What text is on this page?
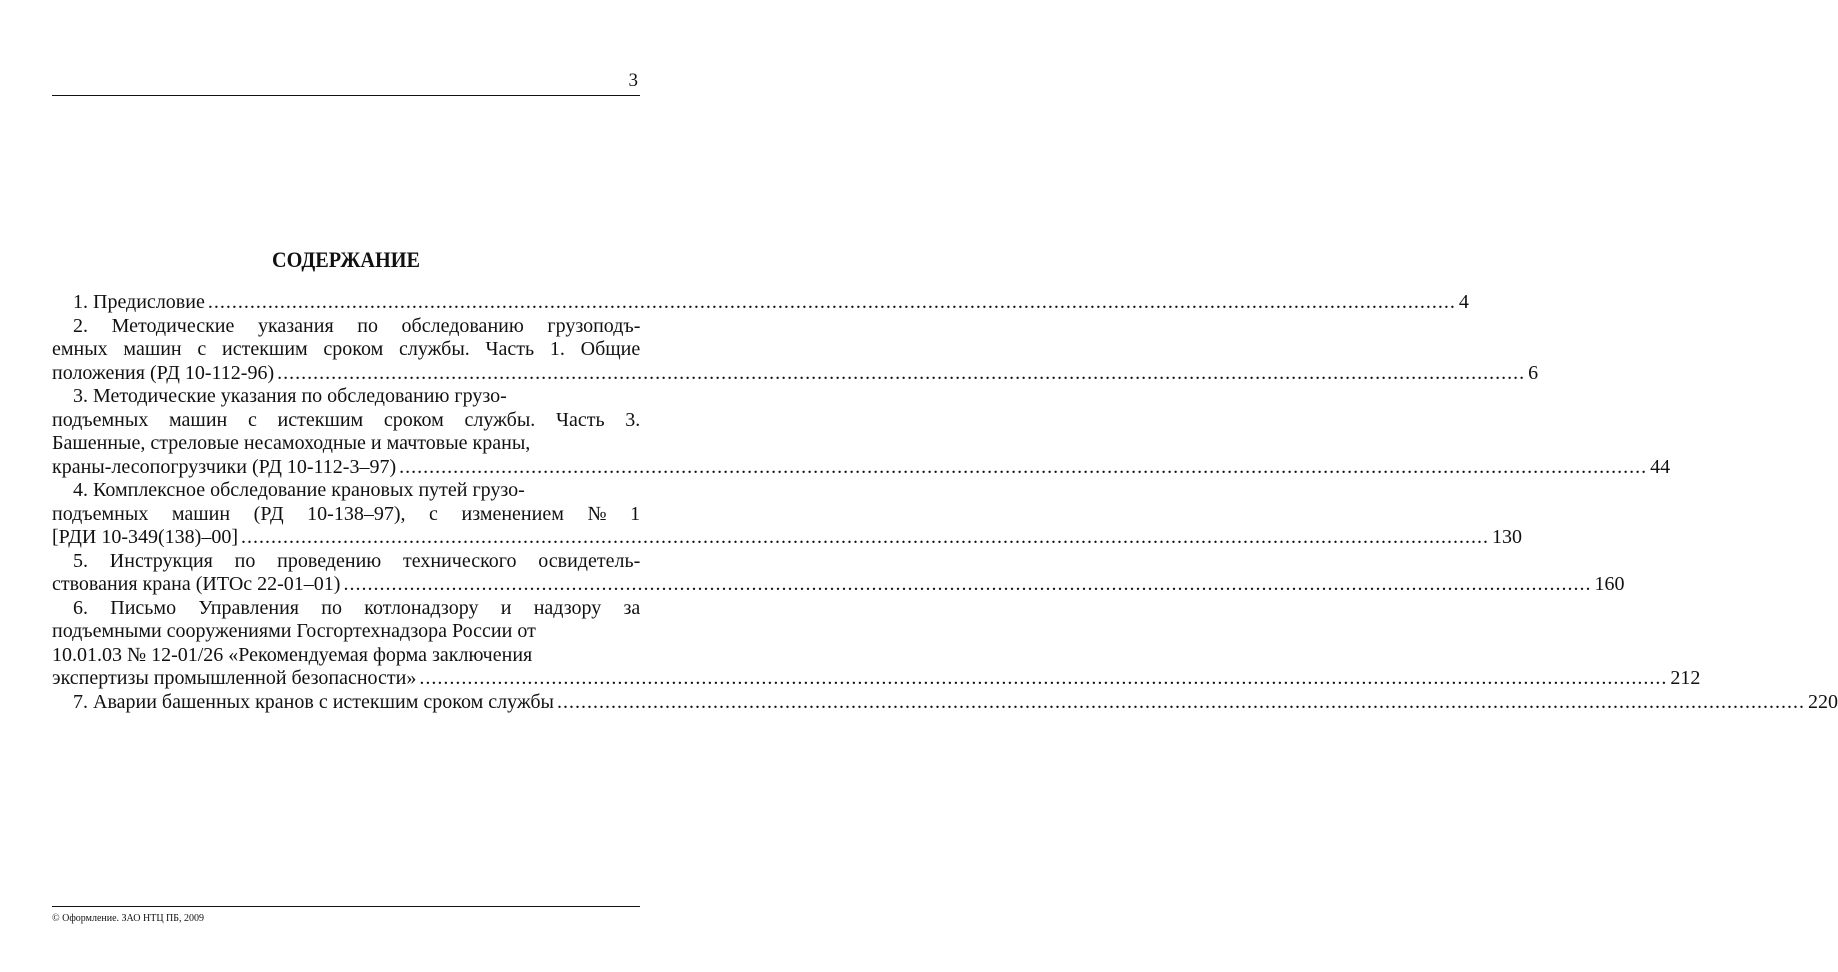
3
СОДЕРЖАНИЕ
1. Предисловие .....	4
2. Методические указания по обследованию грузоподъ-
емных машин с истекшим сроком службы. Часть 1. Общие
положения (РД 10-112-96) .....	6
3. Методические указания по обследованию грузо-
подъемных машин с истекшим сроком службы. Часть 3.
Башенные, стреловые несамоходные и мачтовые краны,
краны-лесопогрузчики (РД 10-112-3–97) .....	44
4. Комплексное обследование крановых путей грузо-
подъемных машин (РД 10-138–97), с изменением № 1
[РДИ 10-349(138)–00] .....	130
5. Инструкция по проведению технического освидетель-
ствования крана (ИТОс 22-01–01) .....	160
6. Письмо Управления по котлонадзору и надзору за
подъемными сооружениями Госгортехнадзора России от
10.01.03 № 12-01/26 «Рекомендуемая форма заключения
экспертизы промышленной безопасности» .....	212
7. Аварии башенных кранов с истекшим сроком службы .....	220
© Оформление. ЗАО НТЦ ПБ, 2009
